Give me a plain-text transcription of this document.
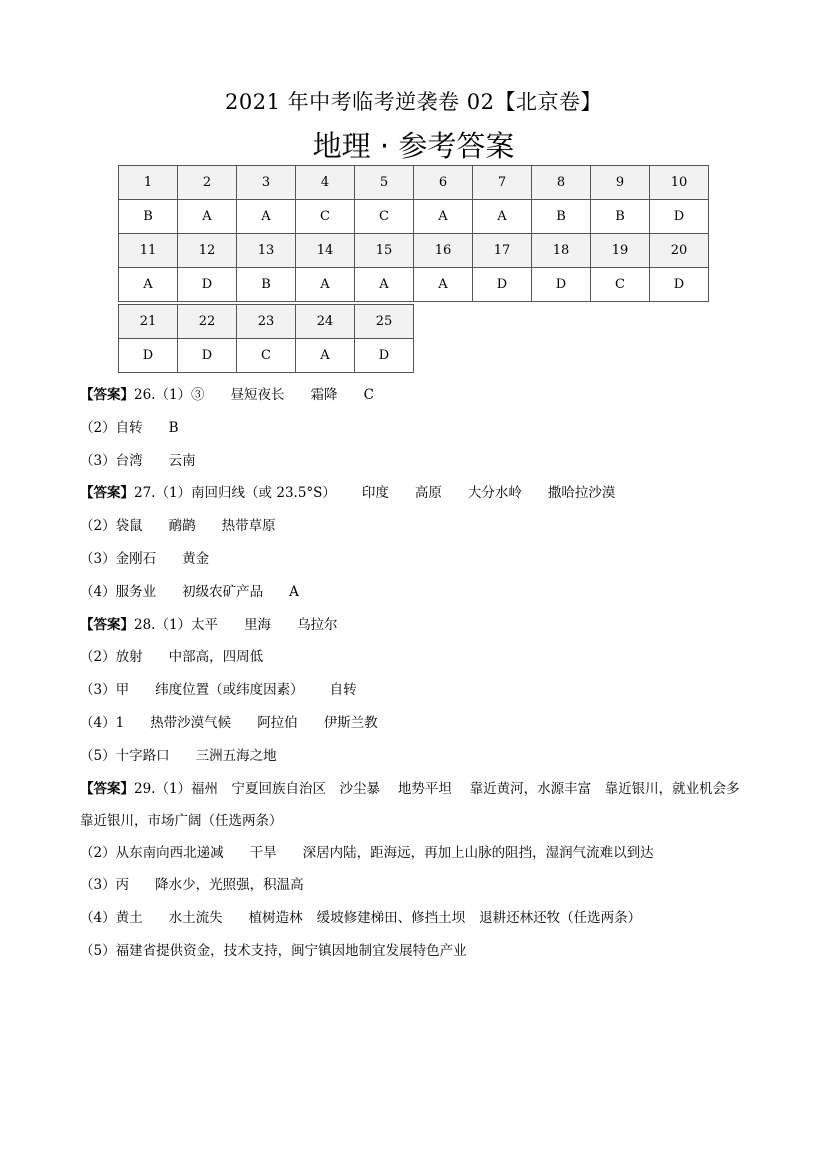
2021 年中考临考逆袭卷 02【北京卷】
地理 · 参考答案
1	2	3	4	5	6	7	8	9	10
B	A	A	C	C	A	A	B	B	D
11	12	13	14	15	16	17	18	19	20
A	D	B	A	A	A	D	D	C	D
21	22	23	24	25
D	D	C	A	D

【答案】26.（1）③ 昼短夜长 霜降 C

（2）自转 B

（3）台湾 云南

【答案】27.（1）南回归线（或 23.5°S） 印度 高原 大分水岭 撒哈拉沙漠

（2）袋鼠 鸸鹋 热带草原

（3）金刚石 黄金

（4）服务业 初级农矿产品 A

【答案】28.（1）太平 里海 乌拉尔

（2）放射 中部高，四周低

（3）甲 纬度位置（或纬度因素） 自转

（4）1 热带沙漠气候 阿拉伯 伊斯兰教

（5）十字路口 三洲五海之地

【答案】29.（1）福州　宁夏回族自治区　沙尘暴　 地势平坦　 靠近黄河，水源丰富　靠近银川，就业机会多　靠近银川，市场广阔（任选两条）

（2）从东南向西北递减 干旱 深居内陆，距海远，再加上山脉的阻挡，湿润气流难以到达

（3）丙 降水少，光照强，积温高

（4）黄土 水土流失 植树造林 缓坡修建梯田、修挡土坝 退耕还林还牧（任选两条）

（5）福建省提供资金，技术支持，闽宁镇因地制宜发展特色产业
